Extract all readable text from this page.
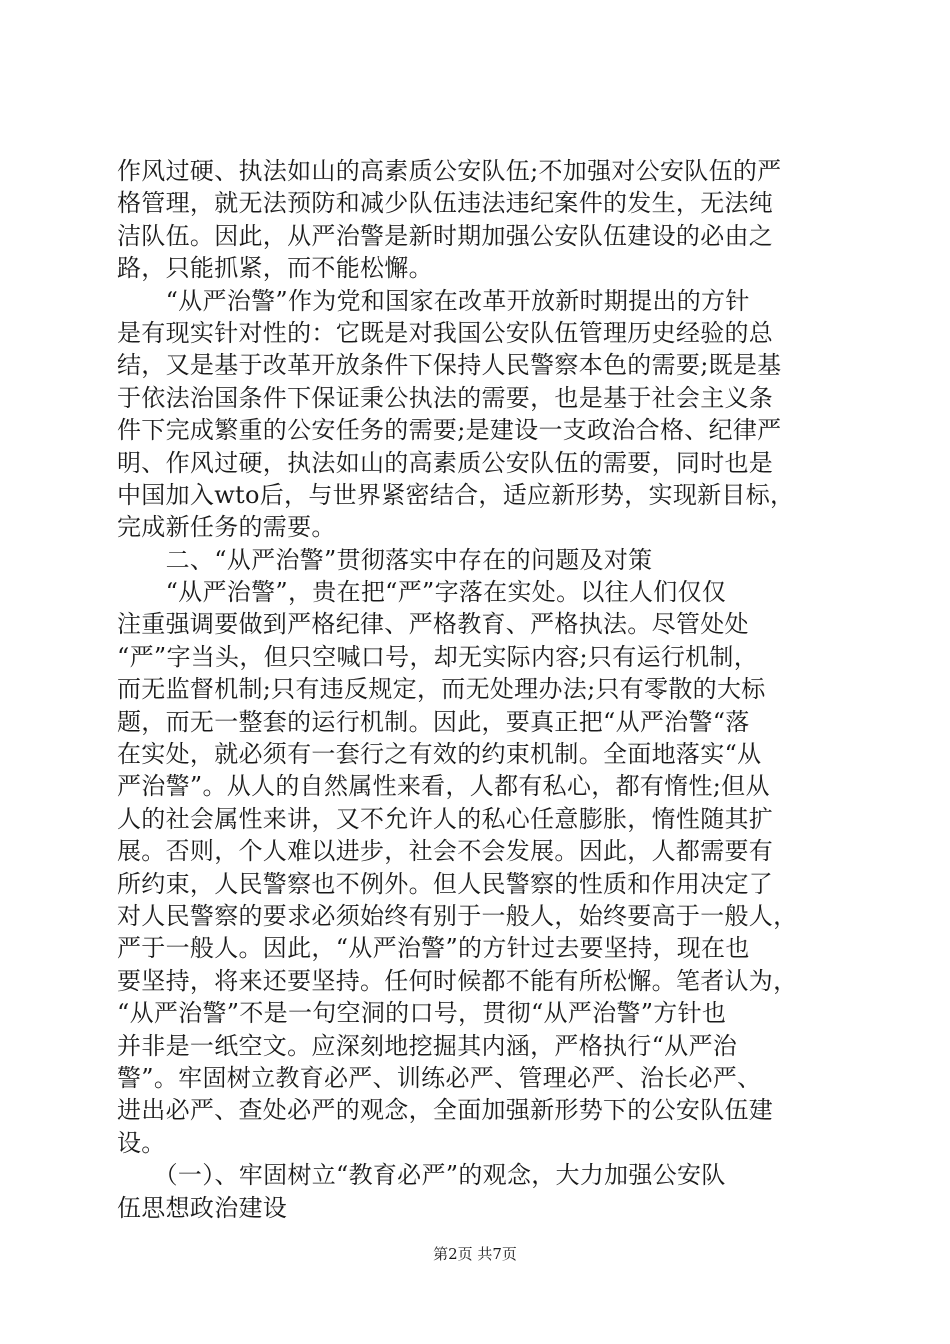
作风过硬、执法如山的高素质公安队伍;不加强对公安队伍的严
格管理，就无法预防和减少队伍违法违纪案件的发生，无法纯
洁队伍。因此，从严治警是新时期加强公安队伍建设的必由之
路，只能抓紧，而不能松懈。
　　“从严治警”作为党和国家在改革开放新时期提出的方针
是有现实针对性的：它既是对我国公安队伍管理历史经验的总
结，又是基于改革开放条件下保持人民警察本色的需要;既是基
于依法治国条件下保证秉公执法的需要，也是基于社会主义条
件下完成繁重的公安任务的需要;是建设一支政治合格、纪律严
明、作风过硬，执法如山的高素质公安队伍的需要，同时也是
中国加入wto后，与世界紧密结合，适应新形势，实现新目标，
完成新任务的需要。
　　二、“从严治警”贯彻落实中存在的问题及对策
　　“从严治警”，贵在把“严”字落在实处。以往人们仅仅
注重强调要做到严格纪律、严格教育、严格执法。尽管处处
“严”字当头，但只空喊口号，却无实际内容;只有运行机制，
而无监督机制;只有违反规定，而无处理办法;只有零散的大标
题，而无一整套的运行机制。因此，要真正把“从严治警“落
在实处，就必须有一套行之有效的约束机制。全面地落实“从
严治警”。从人的自然属性来看，人都有私心，都有惰性;但从
人的社会属性来讲，又不允许人的私心任意膨胀，惰性随其扩
展。否则，个人难以进步，社会不会发展。因此，人都需要有
所约束，人民警察也不例外。但人民警察的性质和作用决定了
对人民警察的要求必须始终有别于一般人，始终要高于一般人，
严于一般人。因此，“从严治警”的方针过去要坚持，现在也
要坚持，将来还要坚持。任何时候都不能有所松懈。笔者认为，
“从严治警”不是一句空洞的口号，贯彻“从严治警”方针也
并非是一纸空文。应深刻地挖掘其内涵，严格执行“从严治
警”。牢固树立教育必严、训练必严、管理必严、治长必严、
进出必严、查处必严的观念，全面加强新形势下的公安队伍建
设。
　　（一）、牢固树立“教育必严”的观念，大力加强公安队
伍思想政治建设
第2页 共7页
